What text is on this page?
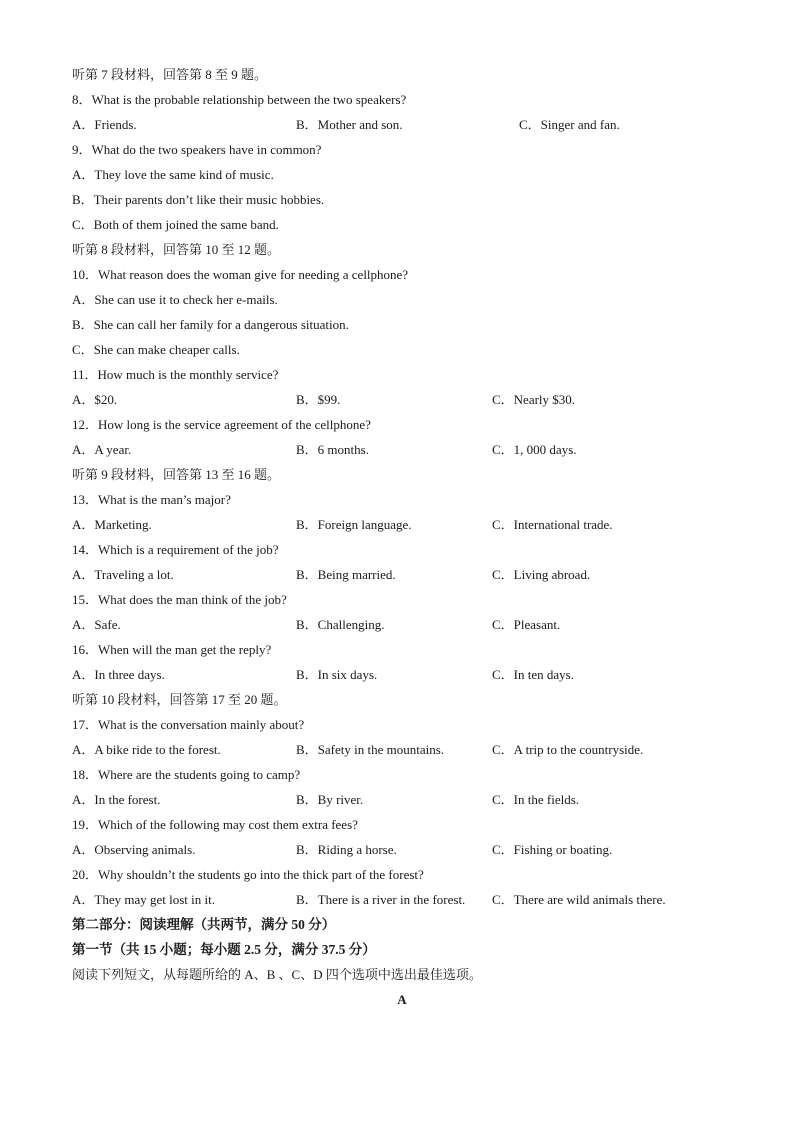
听第 7 段材料，回答第 8 至 9 题。
8．What is the probable relationship between the two speakers?
A．Friends.	B．Mother and son.	C．Singer and fan.
9．What do the two speakers have in common?
A．They love the same kind of music.
B．Their parents don’t like their music hobbies.
C．Both of them joined the same band.
听第 8 段材料，回答第 10 至 12 题。
10．What reason does the woman give for needing a cellphone?
A．She can use it to check her e-mails.
B．She can call her family for a dangerous situation.
C．She can make cheaper calls.
11．How much is the monthly service?
A．$20.	B．$99.	C．Nearly $30.
12．How long is the service agreement of the cellphone?
A．A year.	B．6 months.	C．1, 000 days.
听第 9 段材料，回答第 13 至 16 题。
13．What is the man’s major?
A．Marketing.	B．Foreign language.	C．International trade.
14．Which is a requirement of the job?
A．Traveling a lot.	B．Being married.	C．Living abroad.
15．What does the man think of the job?
A．Safe.	B．Challenging.	C．Pleasant.
16．When will the man get the reply?
A．In three days.	B．In six days.	C．In ten days.
听第 10 段材料，回答第 17 至 20 题。
17．What is the conversation mainly about?
A．A bike ride to the forest.	B．Safety in the mountains.	C．A trip to the countryside.
18．Where are the students going to camp?
A．In the forest.	B．By river.	C．In the fields.
19．Which of the following may cost them extra fees?
A．Observing animals.	B．Riding a horse.	C．Fishing or boating.
20．Why shouldn’t the students go into the thick part of the forest?
A．They may get lost in it.	B．There is a river in the forest. C．There are wild animals there.
第二部分：阅读理解（共两节，满分 50 分）
第一节（共 15 小题；每小题 2.5 分，满分 37.5 分）
阅读下列短文，从每题所给的 A、B 、C、D 四个选项中选出最佳选项。
A
